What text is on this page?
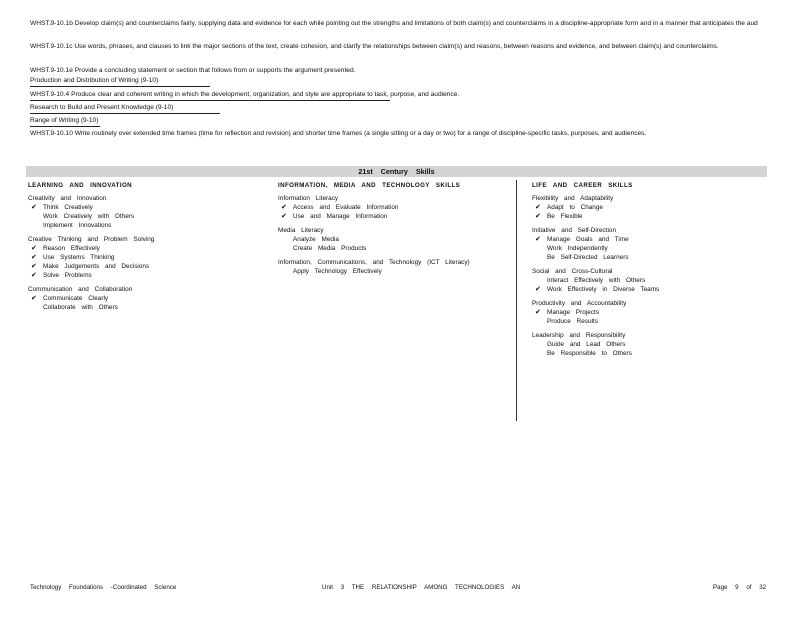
WHST.9-10.1b Develop claim(s) and counterclaims fairly, supplying data and evidence for each while pointing out the strengths and limitations of both claim(s) and counterclaims in a discipline-appropriate form and in a manner that anticipates the aud
WHST.9-10.1c Use words, phrases, and clauses to link the major sections of the text, create cohesion, and clarify the relationships between claim(s) and reasons, between reasons and evidence, and between claim(s) and counterclaims.
WHST.9-10.1e Provide a concluding statement or section that follows from or supports the argument presented.
Production and Distribution of Writing (9-10)
WHST.9-10.4 Produce clear and coherent writing in which the development, organization, and style are appropriate to task, purpose, and audience.
Research to Build and Present Knowledge (9-10)
Range of Writing (9-10)
WHST.9-10.10 Write routinely over extended time frames (time for reflection and revision) and shorter time frames (a single sitting or a day or two) for a range of discipline-specific tasks, purposes, and audiences.
21st Century Skills
LEARNING AND INNOVATION
Creativity and Innovation
✔ Think Creatively
Work Creatively with Others
Implement Innovations
Creative Thinking and Problem Solving
✔ Reason Effectively
✔ Use Systems Thinking
✔ Make Judgements and Decisions
✔ Solve Problems
Communication and Collaboration
✔ Communicate Clearly
Collaborate with Others
INFORMATION, MEDIA AND TECHNOLOGY SKILLS
Information Literacy
✔ Access and Evaluate Information
✔ Use and Manage Information
Media Literacy
Analyze Media
Create Media Products
Information, Communications, and Technology (ICT Literacy)
Apply Technology Effectively
LIFE AND CAREER SKILLS
Flexibility and Adaptability
✔ Adapt to Change
✔ Be Flexible
Initiative and Self-Direction
✔ Manage Goals and Time
Work Independently
Be Self-Directed Learners
Social and Cross-Cultural
Interact Effectively with Others
✔ Work Effectively in Diverse Teams
Productivity and Accountability
✔ Manage Projects
Produce Results
Leadership and Responsibility
Guide and Lead Others
Be Responsible to Others
Technology Foundations -Coordinated Science	Unit 3 THE RELATIONSHIP AMONG TECHNOLOGIES AN	Page 9 of 32
